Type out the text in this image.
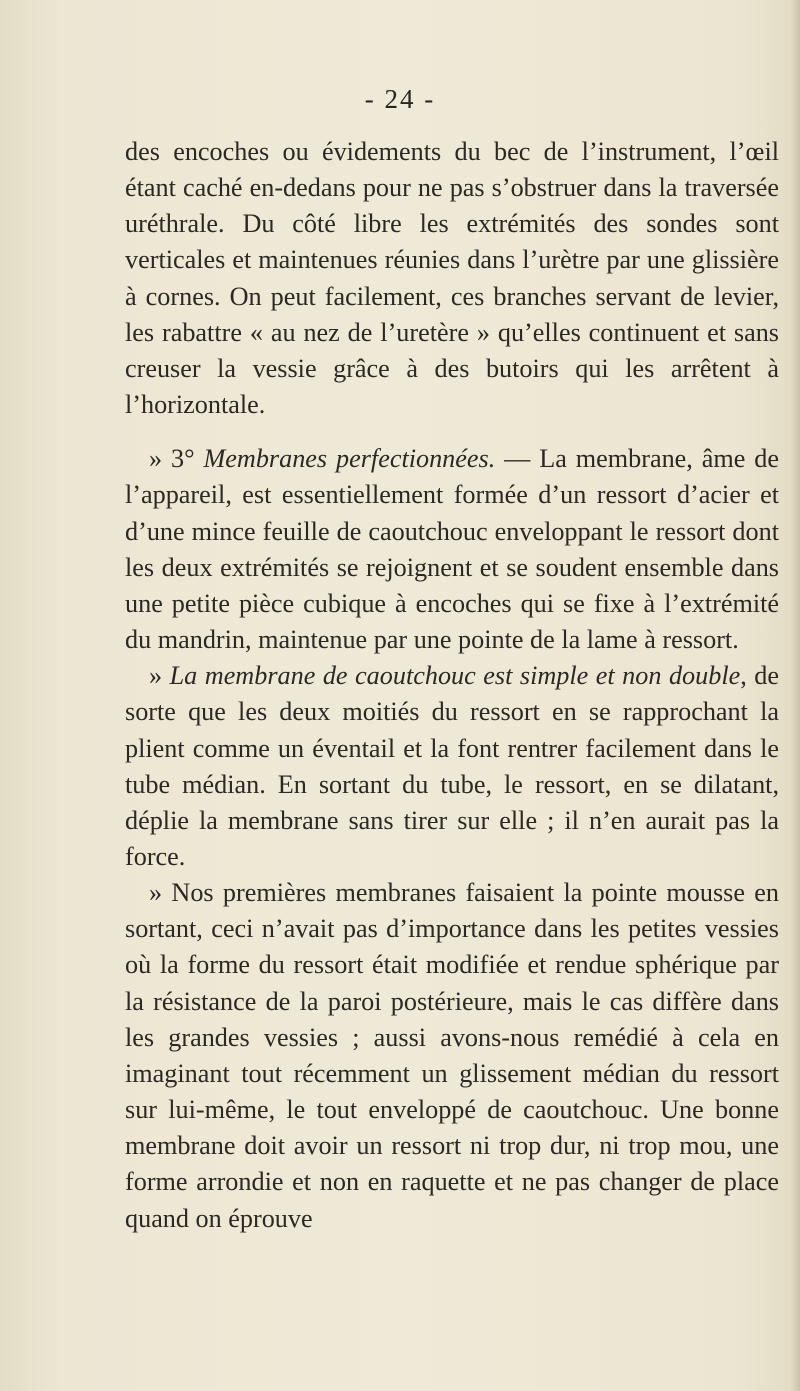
- 24 -

des encoches ou évidements du bec de l’instrument, l’œil étant caché en-dedans pour ne pas s’obstruer dans la traversée uréthrale. Du côté libre les extrémités des sondes sont verticales et maintenues réunies dans l’urètre par une glissière à cornes. On peut facilement, ces branches servant de levier, les rabattre « au nez de l’uretère » qu’elles continuent et sans creuser la vessie grâce à des butoirs qui les arrêtent à l’horizontale.

» 3° Membranes perfectionnées. — La membrane, âme de l’appareil, est essentiellement formée d’un ressort d’acier et d’une mince feuille de caoutchouc enveloppant le ressort dont les deux extrémités se rejoignent et se soudent ensemble dans une petite pièce cubique à encoches qui se fixe à l’extrémité du mandrin, maintenue par une pointe de la lame à ressort.

» La membrane de caoutchouc est simple et non double, de sorte que les deux moitiés du ressort en se rapprochant la plient comme un éventail et la font rentrer facilement dans le tube médian. En sortant du tube, le ressort, en se dilatant, déplie la membrane sans tirer sur elle ; il n’en aurait pas la force.

» Nos premières membranes faisaient la pointe mousse en sortant, ceci n’avait pas d’importance dans les petites vessies où la forme du ressort était modifiée et rendue sphérique par la résistance de la paroi postérieure, mais le cas diffère dans les grandes vessies ; aussi avons-nous remédié à cela en imaginant tout récemment un glissement médian du ressort sur lui-même, le tout enveloppé de caoutchouc. Une bonne membrane doit avoir un ressort ni trop dur, ni trop mou, une forme arrondie et non en raquette et ne pas changer de place quand on éprouve
